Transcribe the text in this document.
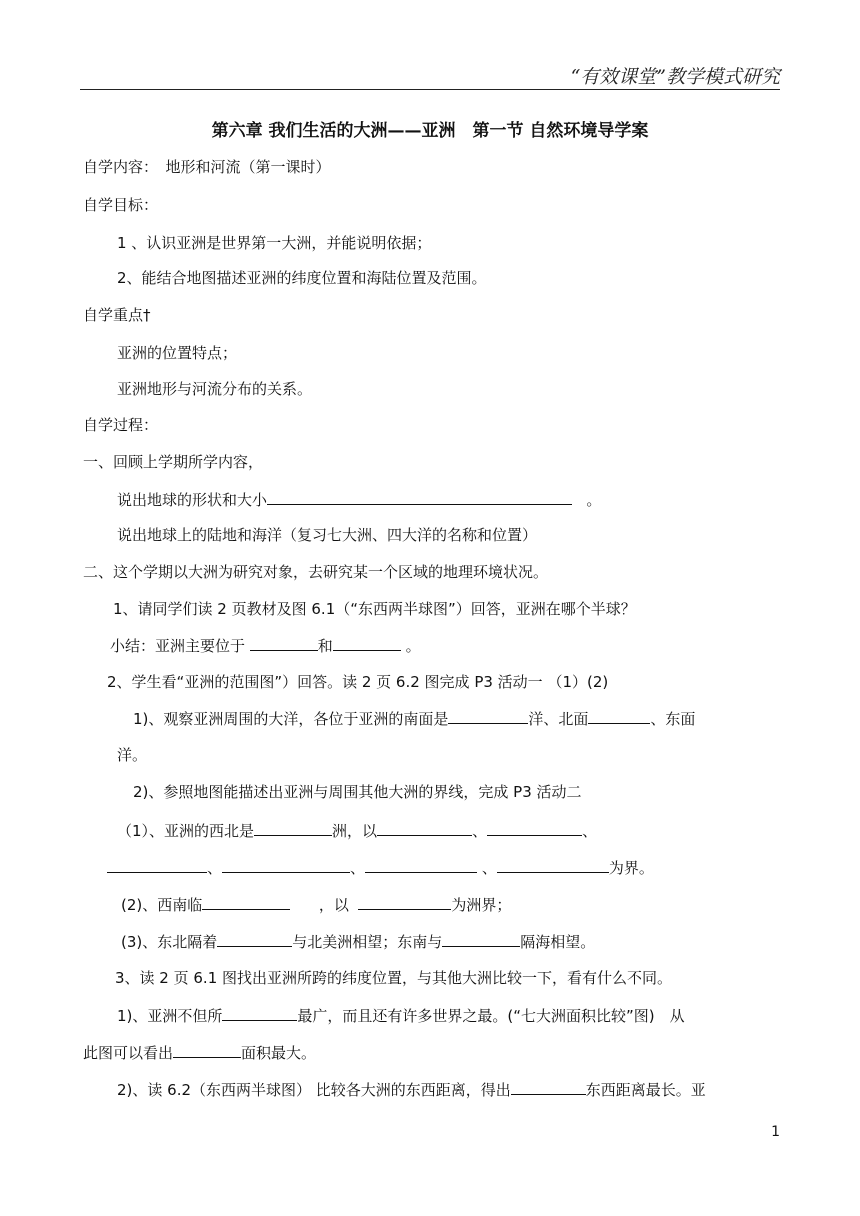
“有效课堂”教学模式研究
第六章 我们生活的大洲——亚洲　第一节 自然环境导学案
自学内容：　地形和河流（第一课时）
自学目标：
1 、认识亚洲是世界第一大洲，并能说明依据；
2、能结合地图描述亚洲的纬度位置和海陆位置及范围。
自学重点†
亚洲的位置特点；
亚洲地形与河流分布的关系。
自学过程：
一、回顾上学期所学内容，
说出地球的形状和大小	。
说出地球上的陆地和海洋（复习七大洲、四大洋的名称和位置）
二、这个学期以大洲为研究对象，去研究某一个区域的地理环境状况。
1、请同学们读 2 页教材及图 6.1（“东西两半球图”）回答，亚洲在哪个半球？
小结：亚洲主要位于	和	。
2、学生看“亚洲的范围图”）回答。读 2 页 6.2 图完成 P3 活动一 （1）(2)
1)、观察亚洲周围的大洋，各位于亚洲的南面是	洋、北面	、东面
洋。
2)、参照地图能描述出亚洲与周围其他大洲的界线，完成 P3 活动二
（1）、亚洲的西北是	洲，以	、	、
、	、	、	为界。
(2)、西南临	，以	为洲界；
(3)、东北隔着	与北美洲相望；东南与	隔海相望。
3、读 2 页 6.1 图找出亚洲所跨的纬度位置，与其他大洲比较一下，看有什么不同。
1)、亚洲不但所	最广，而且还有许多世界之最。(“七大洲面积比较”图)　从
此图可以看出	面积最大。
2)、读 6.2（东西两半球图） 比较各大洲的东西距离，得出	东西距离最长。亚
1
